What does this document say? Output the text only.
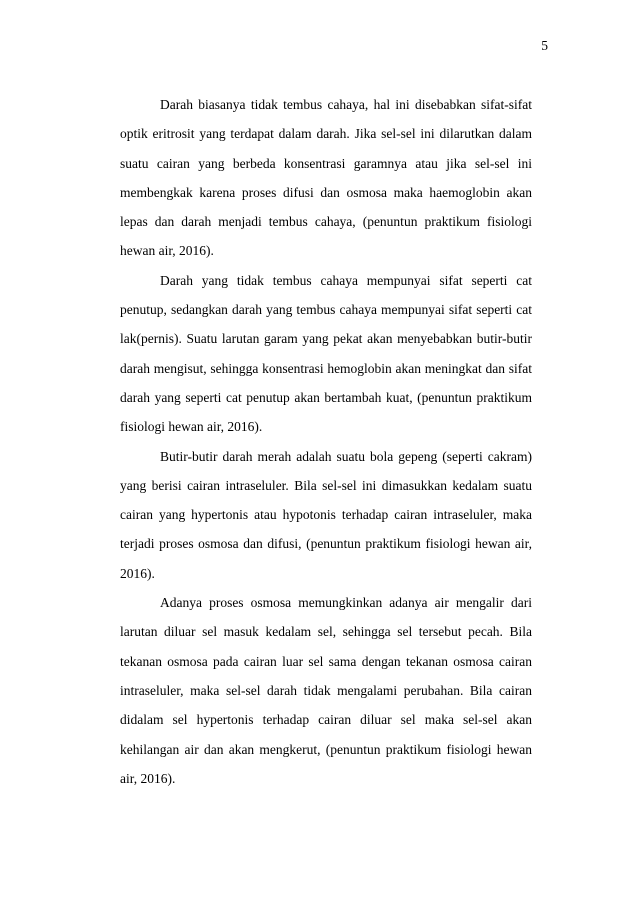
5

Darah biasanya tidak tembus cahaya, hal ini disebabkan sifat-sifat optik eritrosit yang terdapat dalam darah. Jika sel-sel ini dilarutkan dalam suatu cairan yang berbeda konsentrasi garamnya atau jika sel-sel ini membengkak karena proses difusi dan osmosa maka haemoglobin akan lepas dan darah menjadi tembus cahaya, (penuntun praktikum fisiologi hewan air, 2016).

Darah yang tidak tembus cahaya mempunyai sifat seperti cat penutup, sedangkan darah yang tembus cahaya mempunyai sifat seperti cat lak(pernis). Suatu larutan garam yang pekat akan menyebabkan butir-butir darah mengisut, sehingga konsentrasi hemoglobin akan meningkat dan sifat darah yang seperti cat penutup akan bertambah kuat, (penuntun praktikum fisiologi hewan air, 2016).

Butir-butir darah merah adalah suatu bola gepeng (seperti cakram) yang berisi cairan intraseluler. Bila sel-sel ini dimasukkan kedalam suatu cairan yang hypertonis atau hypotonis terhadap cairan intraseluler, maka terjadi proses osmosa dan difusi, (penuntun praktikum fisiologi hewan air, 2016).

Adanya proses osmosa memungkinkan adanya air mengalir dari larutan diluar sel masuk kedalam sel, sehingga sel tersebut pecah. Bila tekanan osmosa pada cairan luar sel sama dengan tekanan osmosa cairan intraseluler, maka sel-sel darah tidak mengalami perubahan. Bila cairan didalam sel hypertonis terhadap cairan diluar sel maka sel-sel akan kehilangan air dan akan mengkerut, (penuntun praktikum fisiologi hewan air, 2016).
